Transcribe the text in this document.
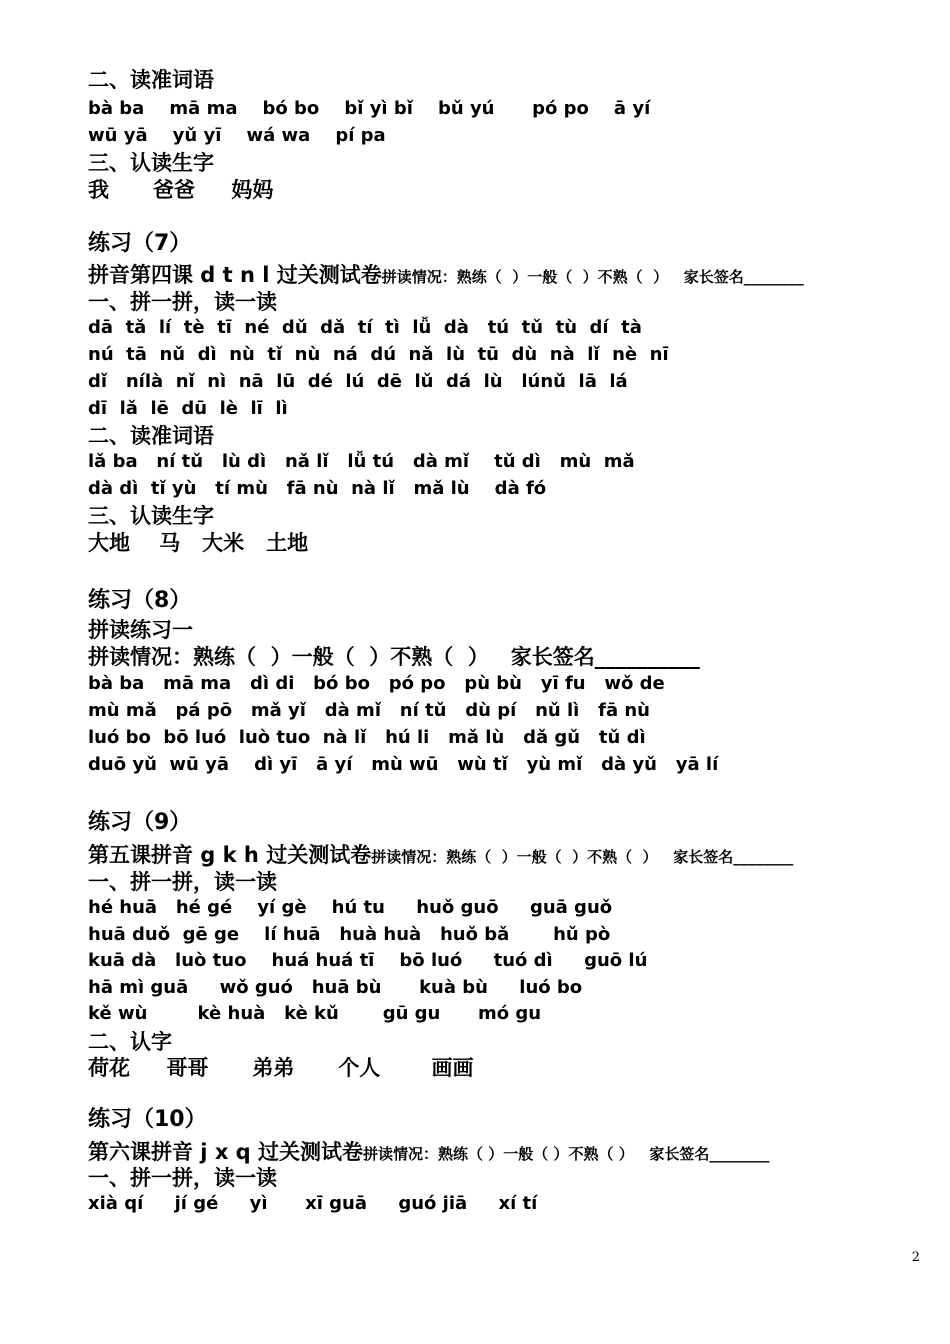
二、读准词语
bà ba    mā ma    bó bo    bǐ yì bǐ    bǔ yú      pó po    ā yí
wū yā    yǔ yī    wá wa    pí pa
三、认读生字
我      爸爸     妈妈
练习（7）
拼音第四课 d t n l 过关测试卷拼读情况：熟练（  ）一般（  ）不熟（  ）   家长签名________
一、拼一拼，读一读
dā  tǎ  lí  tè  tī  né  dǔ  dǎ  tí  tì  lǚ  dà   tú  tǔ  tù  dí  tà
nú  tā  nǔ  dì  nù  tǐ  nù  ná  dú  nǎ  lù  tū  dù  nà  lǐ  nè  nī
dǐ   nílà  nǐ  nì  nā  lū  dé  lú  dē  lǔ  dá  lù   lúnǔ  lā  lá
dī  lǎ  lē  dū  lè  lī  lì
二、读准词语
lǎ ba   ní tǔ   lù dì   nǎ lǐ   lǚ tú   dà mǐ    tǔ dì   mù  mǎ
dà dì  tǐ yù   tí mù   fā nù  nà lǐ   mǎ lù    dà fó
三、认读生字
大地    马   大米   土地
练习（8）
拼读练习一
拼读情况：熟练（  ）一般（  ）不熟（  ）   家长签名__________
bà ba   mā ma   dì di   bó bo   pó po   pù bù   yī fu   wǒ de
mù mǎ   pá pō   mǎ yǐ   dà mǐ   ní tǔ   dù pí   nǔ lì   fā nù
luó bo  bō luó  luò tuo  nà lǐ   hú li   mǎ lù   dǎ gǔ   tǔ dì
duō yǔ  wū yā    dì yī   ā yí   mù wū   wù tǐ   yù mǐ   dà yǔ   yā lí
练习（9）
第五课拼音 g k h 过关测试卷拼读情况：熟练（  ）一般（  ）不熟（  ）   家长签名________
一、拼一拼，读一读
hé huā   hé gé    yí gè    hú tu     huǒ guō     guā guǒ
huā duǒ  gē ge    lí huā   huà huà   huǒ bǎ       hǔ pò
kuā dà   luò tuo    huá huá tī    bō luó     tuó dì     guō lú
hā mì guā     wǒ guó   huā bù      kuà bù     luó bo
kě wù        kè huà   kè kǔ       gū gu      mó gu
二、认字
荷花     哥哥      弟弟      个人       画画
练习（10）
第六课拼音 j x q 过关测试卷拼读情况：熟练（ ）一般（ ）不熟（ ）   家长签名________
一、拼一拼，读一读
xià qí     jí gé     yì      xī guā     guó jiā     xí tí
2
